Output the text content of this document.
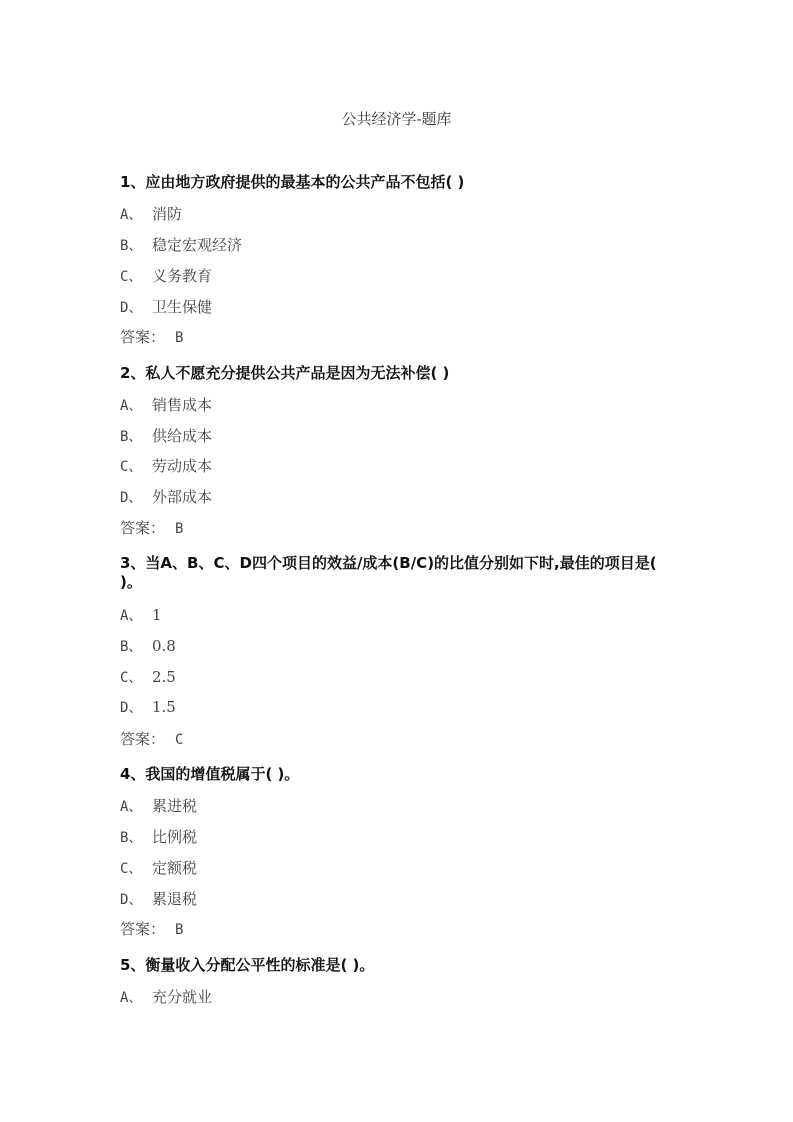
公共经济学-题库
1、应由地方政府提供的最基本的公共产品不包括( )
A、 消防
B、 稳定宏观经济
C、 义务教育
D、 卫生保健
答案： B
2、私人不愿充分提供公共产品是因为无法补偿( )
A、 销售成本
B、 供给成本
C、 劳动成本
D、 外部成本
答案： B
3、当A、B、C、D四个项目的效益/成本(B/C)的比值分别如下时,最佳的项目是( )。
A、 1
B、 0.8
C、 2.5
D、 1.5
答案： C
4、我国的增值税属于( )。
A、 累进税
B、 比例税
C、 定额税
D、 累退税
答案： B
5、衡量收入分配公平性的标准是( )。
A、 充分就业
